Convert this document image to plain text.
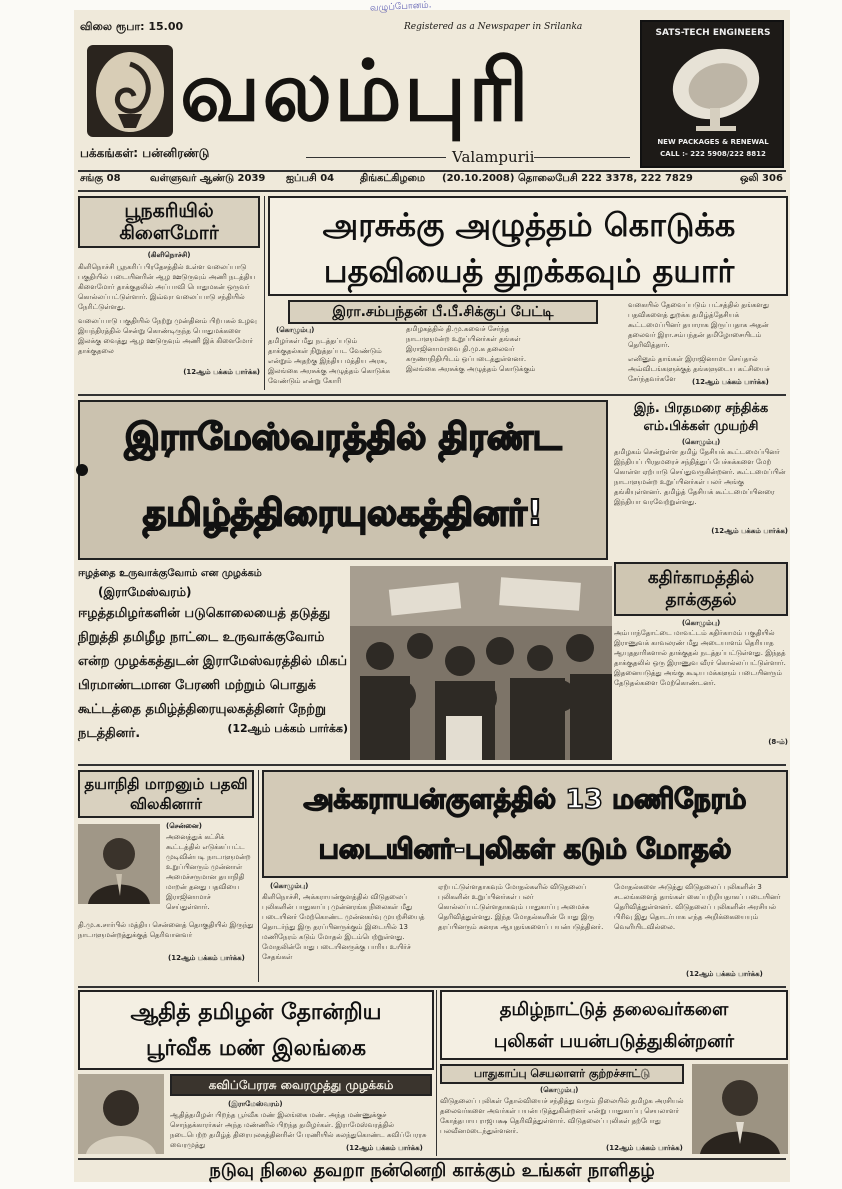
வழுப்போனம்.
விலை ரூபா: 15.00	Registered as a Newspaper in Srilanka
வலம்புரி
Valampurii
பக்கங்கள்: பன்னிரண்டு
SATS-TECH ENGINEERS
NEW PACKAGES & RENEWAL
CALL :- 222 5908/222 8812
சங்கு 08	வள்ளுவர் ஆண்டு 2039 ஐப்பசி 04	திங்கட்கிழமை (20.10.2008) தொலைபேசி 222 3378, 222 7829	ஒலி 306
பூநகரியில் கிளைமோர்
(கிளிநொச்சி)
கிளிநொச்சி பூநகரிப் பிரதேசத்தில் உள்ள வலைப்பாடு பகுதியில் படையினரின் ஆழ ஊடுருவும் அணி நடத்திய கிளைமோர் தாக்குதலில் அப்பாவி பொதுமகன் ஒருவர் கொல்லப்பட்டுள்ளார். இவ்வுா வலைப்பாடு சந்தியில் நேரிட்டுள்ளது.
வலைப்பாடு பகுதியில் நேற்று முன்தினம் பிற்பகல் உழவு இயந்திரத்தில் சென்று கொண்டிருந்த பொதுமக்களை இலக்கு வைத்து ஆழ ஊடுருவும் அணி இக் கிளைமோர் தாக்குதலை
(12ஆம் பக்கம் பார்க்க)
அரசுக்கு அழுத்தம் கொடுக்க
பதவியைத் துறக்கவும் தயார்
இரா.சம்பந்தன் பீ.பீ.சிக்குப் பேட்டி
(கொழும்பு)
தமிழர்கள் மீது நடத்தப்படும் தாக்குதல்கள் நிறுத்தப்பட வேண்டும் என்றும் அதற்கு இந்திய மத்திய அரசு, இலங்கை அரசுக்கு அழுத்தம் கொடுக்க வேண்டும் என்று கோரி
தமிழகத்தில் தி.மு.கவைச் சேர்ந்த நாடாளுமன்ற உறுப்பினர்கள் தங்கள் இராஜினாமாவை தி.மு.க தலைவர் கருணாநிதியிடம் ஒப்படைத்துள்ளனர். இலங்கை அரசுக்கு அழுத்தம் கொடுக்கும்
வகையில் தேவைப்படும் பட்சத்தில் தங்களது பதவிகளைத் துறக்க தமிழ்த்தேசியக் கூட்டமைப்பினர் தயாராக இருப்பதாக அதன் தலைவர் இரா.சம்பந்தன் தமிழோசையிடம் தெரிவித்தார்.
எனினும் தாங்கள் இராஜினாமா செய்தால் அவ்விடங்களுக்குத் தங்களுடைய கட்சியைச் சேர்ந்தவர்களே	(12ஆம் பக்கம் பார்க்க)
இராமேஸ்வரத்தில் திரண்ட
தமிழ்த்திரையுலகத்தினர்!
இந். பிரதமரை சந்திக்க எம்.பிக்கள் முயற்சி
(கொழும்பு)
தமிழகம் சென்றுள்ள தமிழ் தேசியக் கூட்டமைப்பினர் இந்தியப் பிரதமரைச் சந்தித்துப் பேச்சுக்களை மேற் கொள்ள ஏற்பாடு செய்துவருகின்றனர். கூட்டமைப்பின் நாடாளுமன்ற உறுப்பினர்கள் பலர் அங்கு தங்கியுள்ளனர். தமிழ்த் தேசியக் கூட்டமைப்பினரை இந்தியா வரவேற்றுள்ளது.
(12ஆம் பக்கம் பார்க்க)
ஈழத்தை உருவாக்குவோம் என முழக்கம்
(இராமேஸ்வரம்)
ஈழத்தமிழர்களின் படுகொலையைத் தடுத்து நிறுத்தி தமிழீழ நாட்டை உருவாக்குவோம் என்ற முழக்கத்துடன் இராமேஸ்வரத்தில் மிகப் பிரமாண்டமான பேரணி மற்றும் பொதுக் கூட்டத்தை தமிழ்த்திரையுலகத்தினர் நேற்று நடத்தினர்.	(12ஆம் பக்கம் பார்க்க)
கதிர்காமத்தில் தாக்குதல்
(கொழும்பு)
அம்பாந்தோட்டை மாவட்டம் கதிர்காமம் பகுதியில் இராணுவக் காவலரண் மீது அடையாளம் தெரியாத ஆயுததாரிகளால் தாக்குதல் நடத்தப்பட்டுள்ளது. இந்தத் தாக்குதலில் ஒரு இராணுவ வீரர் கொல்லப்பட்டுள்ளார். இதனையடுத்து அங்கு கூடிய மக்களும் படையினரும் தேடுதல்களை மேற்கொண்டனர்.
(8-ம்)
தயாநிதி மாறனும் பதவி விலகினார்
(சென்னை)
அனைத்துக் கட்சிக் கூட்டத்தில் எடுக்கப்பட்ட முடிவின்படி நாடாளுமன்ற உறுப்பினரும் முன்னாள் அமைச்சருமான தயாநிதி மாறன் தனது பதவியை இராஜினாமாச் செய்துள்ளார்.
தி.மு.க.சார்பில் மத்திய சென்னைத் தொகுதியில் இருந்து நாடாளுமன்றத்துக்குத் தெரிவானவர்
(12ஆம் பக்கம் பார்க்க)
அக்கராயன்குளத்தில் 13 மணிநேரம்
படையினர்-புலிகள் கடும் மோதல்
(கொழும்பு)
கிளிநொச்சி, அக்கராயன்குளத்தில் விடுதலைப் புலிகளின் பாதுகாப்பு முன்னரங்க நிலைகள் மீது படையினர் மேற்கொண்ட முன்னகர்வு முயற்சியைத் தொடர்ந்து இரு தரப்பினருக்கும் இடையில் 13 மணிநேரம் கடும் மோதல் இடம்பெற்றுள்ளது. மோதலின்போது படையினருக்கு பாரிய உயிர்ச் சேதங்கள்
ஏற்பட்டுள்ளதாகவும் மோதல்களில் விடுதலைப் புலிகளின் உறுப்பினர்கள் பலர் கொல்லப்பட்டுள்ளதாகவும் பாதுகாப்பு அமைச்சு தெரிவித்துள்ளது. இந்த மோதல்களின் போது இரு தரப்பினரும் கனரக ஆயுதங்களைப் பயன்படுத்தினர்.
மோதல்களை அடுத்து விடுதலைப் புலிகளின் 3 சடலங்களைத் தாங்கள் கைப்பற்றியதாகப் படையினர் தெரிவித்துள்ளனர். விடுதலைப் புலிகளின் அரசியல் பிரிவு இது தொடர்பாக எந்த அறிக்கையையும் வெளியிடவில்லை.
(12ஆம் பக்கம் பார்க்க)
ஆதித் தமிழன் தோன்றிய
பூர்வீக மண் இலங்கை
கவிப்பேரரசு வைரமுத்து முழக்கம்
(இராமேஸ்வரம்)
ஆதித்தமிழன் பிறந்த பூர்வீக மண் இலங்கை மண். அந்த மண்ணுக்குச் சொந்தக்காரர்கள் அந்த மண்ணில் பிறந்த தமிழர்கள். இராமேஸ்வரத்தில் நடைபெற்ற தமிழ்த் திரையுலகத்தினரின் பேரணியில் கலந்துகொண்ட கவிப்பேரரசு வைரமுத்து	(12ஆம் பக்கம் பார்க்க)
தமிழ்நாட்டுத் தலைவர்களை
புலிகள் பயன்படுத்துகின்றனர்
பாதுகாப்பு செயலாளர் குற்றச்சாட்டு
(கொழும்பு)
விடுதலைப் புலிகள் தோல்வியைச் சந்தித்து வரும் நிலையில் தமிழக அரசியல் தலைவர்களை அவர்கள் பயன்படுத்துகின்றனர் என்று பாதுகாப்பு செயலாளர் கோத்தபாய ராஜபக்ஷ தெரிவித்துள்ளார். விடுதலைப் புலிகள் தற்போது பலவீனமடைந்துள்ளனர்.
(12ஆம் பக்கம் பார்க்க)
நடுவு நிலை தவறா நன்னெறி காக்கும் உங்கள் நாளிதழ்
